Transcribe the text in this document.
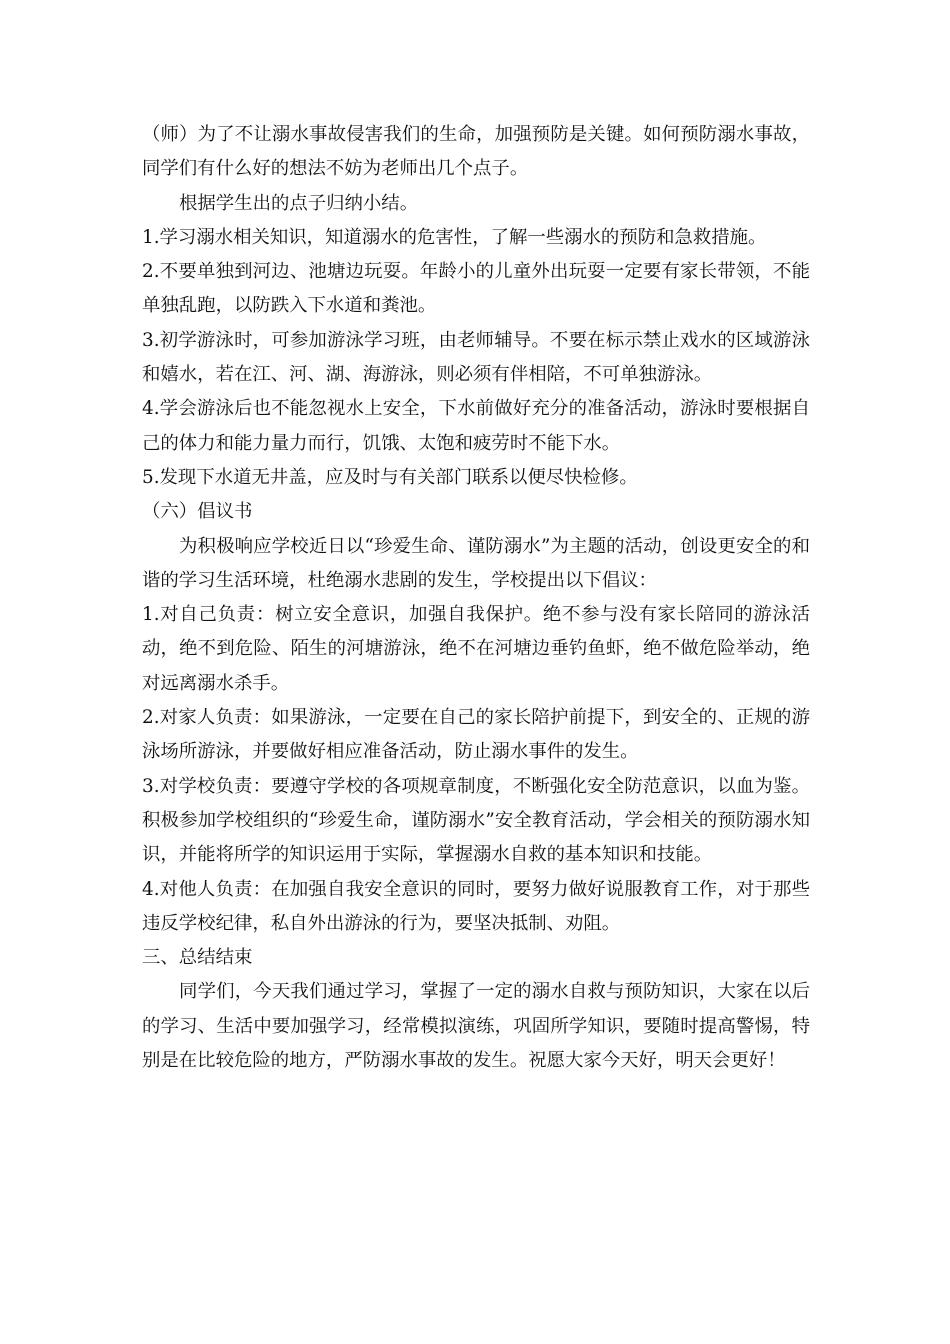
（师）为了不让溺水事故侵害我们的生命，加强预防是关键。如何预防溺水事故，同学们有什么好的想法不妨为老师出几个点子。

根据学生出的点子归纳小结。

1.学习溺水相关知识，知道溺水的危害性，了解一些溺水的预防和急救措施。

2.不要单独到河边、池塘边玩耍。年龄小的儿童外出玩耍一定要有家长带领，不能单独乱跑，以防跌入下水道和粪池。

3.初学游泳时，可参加游泳学习班，由老师辅导。不要在标示禁止戏水的区域游泳和嬉水，若在江、河、湖、海游泳，则必须有伴相陪，不可单独游泳。

4.学会游泳后也不能忽视水上安全，下水前做好充分的准备活动，游泳时要根据自己的体力和能力量力而行，饥饿、太饱和疲劳时不能下水。

5.发现下水道无井盖，应及时与有关部门联系以便尽快检修。

（六）倡议书

为积极响应学校近日以“珍爱生命、谨防溺水”为主题的活动，创设更安全的和谐的学习生活环境，杜绝溺水悲剧的发生，学校提出以下倡议：

1.对自己负责：树立安全意识，加强自我保护。绝不参与没有家长陪同的游泳活动，绝不到危险、陌生的河塘游泳，绝不在河塘边垂钓鱼虾，绝不做危险举动，绝对远离溺水杀手。

2.对家人负责：如果游泳，一定要在自己的家长陪护前提下，到安全的、正规的游泳场所游泳，并要做好相应准备活动，防止溺水事件的发生。

3.对学校负责：要遵守学校的各项规章制度，不断强化安全防范意识，以血为鉴。积极参加学校组织的“珍爱生命，谨防溺水”安全教育活动，学会相关的预防溺水知识，并能将所学的知识运用于实际，掌握溺水自救的基本知识和技能。

4.对他人负责：在加强自我安全意识的同时，要努力做好说服教育工作，对于那些违反学校纪律，私自外出游泳的行为，要坚决抵制、劝阻。

三、总结结束

同学们，今天我们通过学习，掌握了一定的溺水自救与预防知识，大家在以后的学习、生活中要加强学习，经常模拟演练，巩固所学知识，要随时提高警惕，特别是在比较危险的地方，严防溺水事故的发生。祝愿大家今天好，明天会更好！
